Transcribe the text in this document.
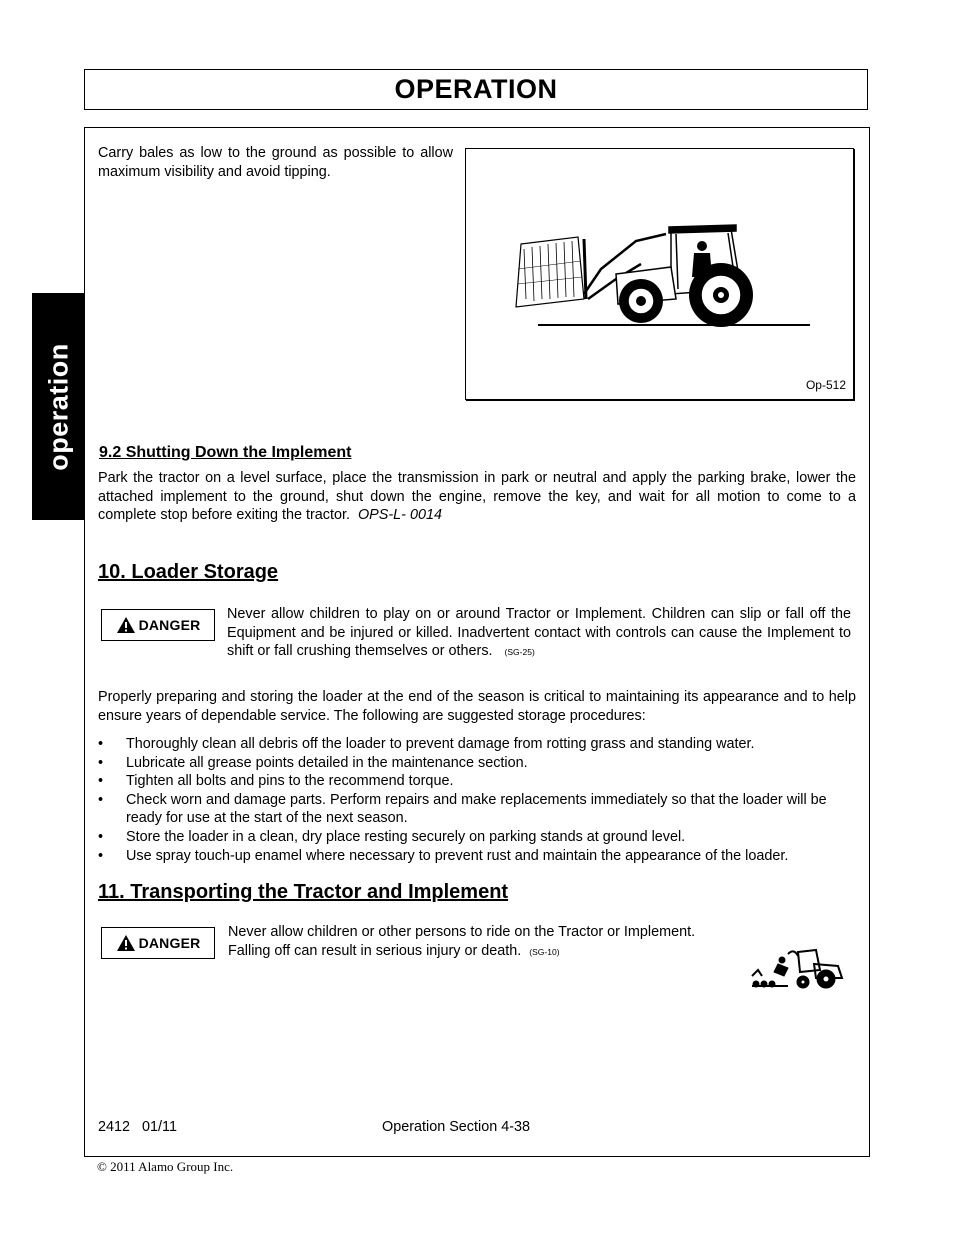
OPERATION
operation
Carry bales as low to the ground as possible to allow maximum visibility and avoid tipping.
Op-512
9.2 Shutting Down the Implement
Park the tractor on a level surface, place the transmission in park or neutral and apply the parking brake, lower the attached implement to the ground, shut down the engine, remove the key, and wait for all motion to come to a complete stop before exiting the tractor. OPS-L- 0014
10. Loader Storage
DANGER
Never allow children to play on or around Tractor or Implement. Children can slip or fall off the Equipment and be injured or killed. Inadvertent contact with controls can cause the Implement to shift or fall crushing themselves or others. (SG-25)
Properly preparing and storing the loader at the end of the season is critical to maintaining its appearance and to help ensure years of dependable service. The following are suggested storage procedures:
• Thoroughly clean all debris off the loader to prevent damage from rotting grass and standing water.
• Lubricate all grease points detailed in the maintenance section.
• Tighten all bolts and pins to the recommend torque.
• Check worn and damage parts. Perform repairs and make replacements immediately so that the loader will be ready for use at the start of the next season.
• Store the loader in a clean, dry place resting securely on parking stands at ground level.
• Use spray touch-up enamel where necessary to prevent rust and maintain the appearance of the loader.
11. Transporting the Tractor and Implement
DANGER
Never allow children or other persons to ride on the Tractor or Implement.
Falling off can result in serious injury or death. (SG-10)
2412 01/11	Operation Section 4-38
© 2011 Alamo Group Inc.
